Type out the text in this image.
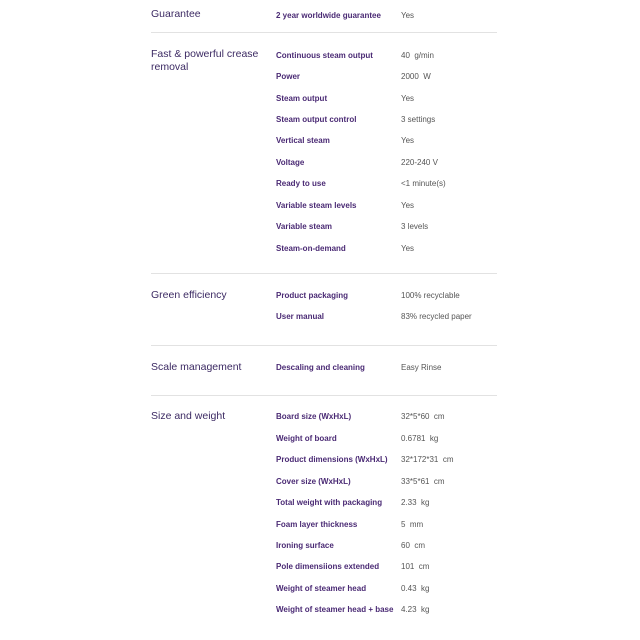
Guarantee	2 year worldwide guarantee	Yes
Fast & powerful crease removal
Continuous steam output	40  g/min
Power	2000  W
Steam output	Yes
Steam output control	3 settings
Vertical steam	Yes
Voltage	220-240 V
Ready to use	<1 minute(s)
Variable steam levels	Yes
Variable steam	3 levels
Steam-on-demand	Yes
Green efficiency	Product packaging	100% recyclable
User manual	83% recycled paper
Scale management	Descaling and cleaning	Easy Rinse
Size and weight	Board size (WxHxL)	32*5*60  cm
Weight of board	0.6781  kg
Product dimensions (WxHxL)	32*172*31  cm
Cover size (WxHxL)	33*5*61  cm
Total weight with packaging	2.33  kg
Foam layer thickness	5  mm
Ironing surface	60  cm
Pole dimensiions extended	101  cm
Weight of steamer head	0.43  kg
Weight of steamer head + base 4.23  kg
